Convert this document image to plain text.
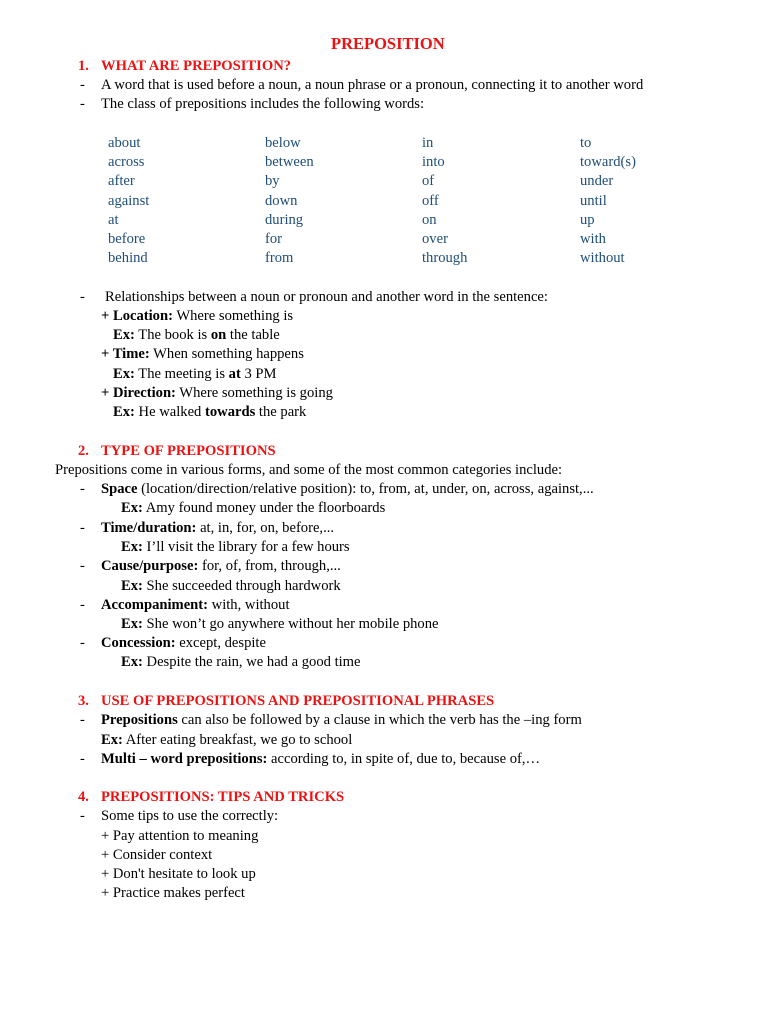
PREPOSITION
1. WHAT ARE PREPOSITION?
- A word that is used before a noun, a noun phrase or a pronoun, connecting it to another word
- The class of prepositions includes the following words:
about
across
after
against
at
before
behind
below
between
by
down
during
for
from
in
into
of
off
on
over
through
to
toward(s)
under
until
up
with
without
- Relationships between a noun or pronoun and another word in the sentence:
+ Location: Where something is
Ex: The book is on the table
+ Time: When something happens
Ex: The meeting is at 3 PM
+ Direction: Where something is going
Ex: He walked towards the park
2. TYPE OF PREPOSITIONS
Prepositions come in various forms, and some of the most common categories include:
- Space (location/direction/relative position): to, from, at, under, on, across, against,...
Ex: Amy found money under the floorboards
- Time/duration: at, in, for, on, before,...
Ex: I’ll visit the library for a few hours
- Cause/purpose: for, of, from, through,...
Ex: She succeeded through hardwork
- Accompaniment: with, without
Ex: She won’t go anywhere without her mobile phone
- Concession: except, despite
Ex: Despite the rain, we had a good time
3. USE OF PREPOSITIONS AND PREPOSITIONAL PHRASES
- Prepositions can also be followed by a clause in which the verb has the –ing form
Ex: After eating breakfast, we go to school
- Multi – word prepositions: according to, in spite of, due to, because of,…
4. PREPOSITIONS: TIPS AND TRICKS
- Some tips to use the correctly:
+ Pay attention to meaning
+ Consider context
+ Don't hesitate to look up
+ Practice makes perfect
